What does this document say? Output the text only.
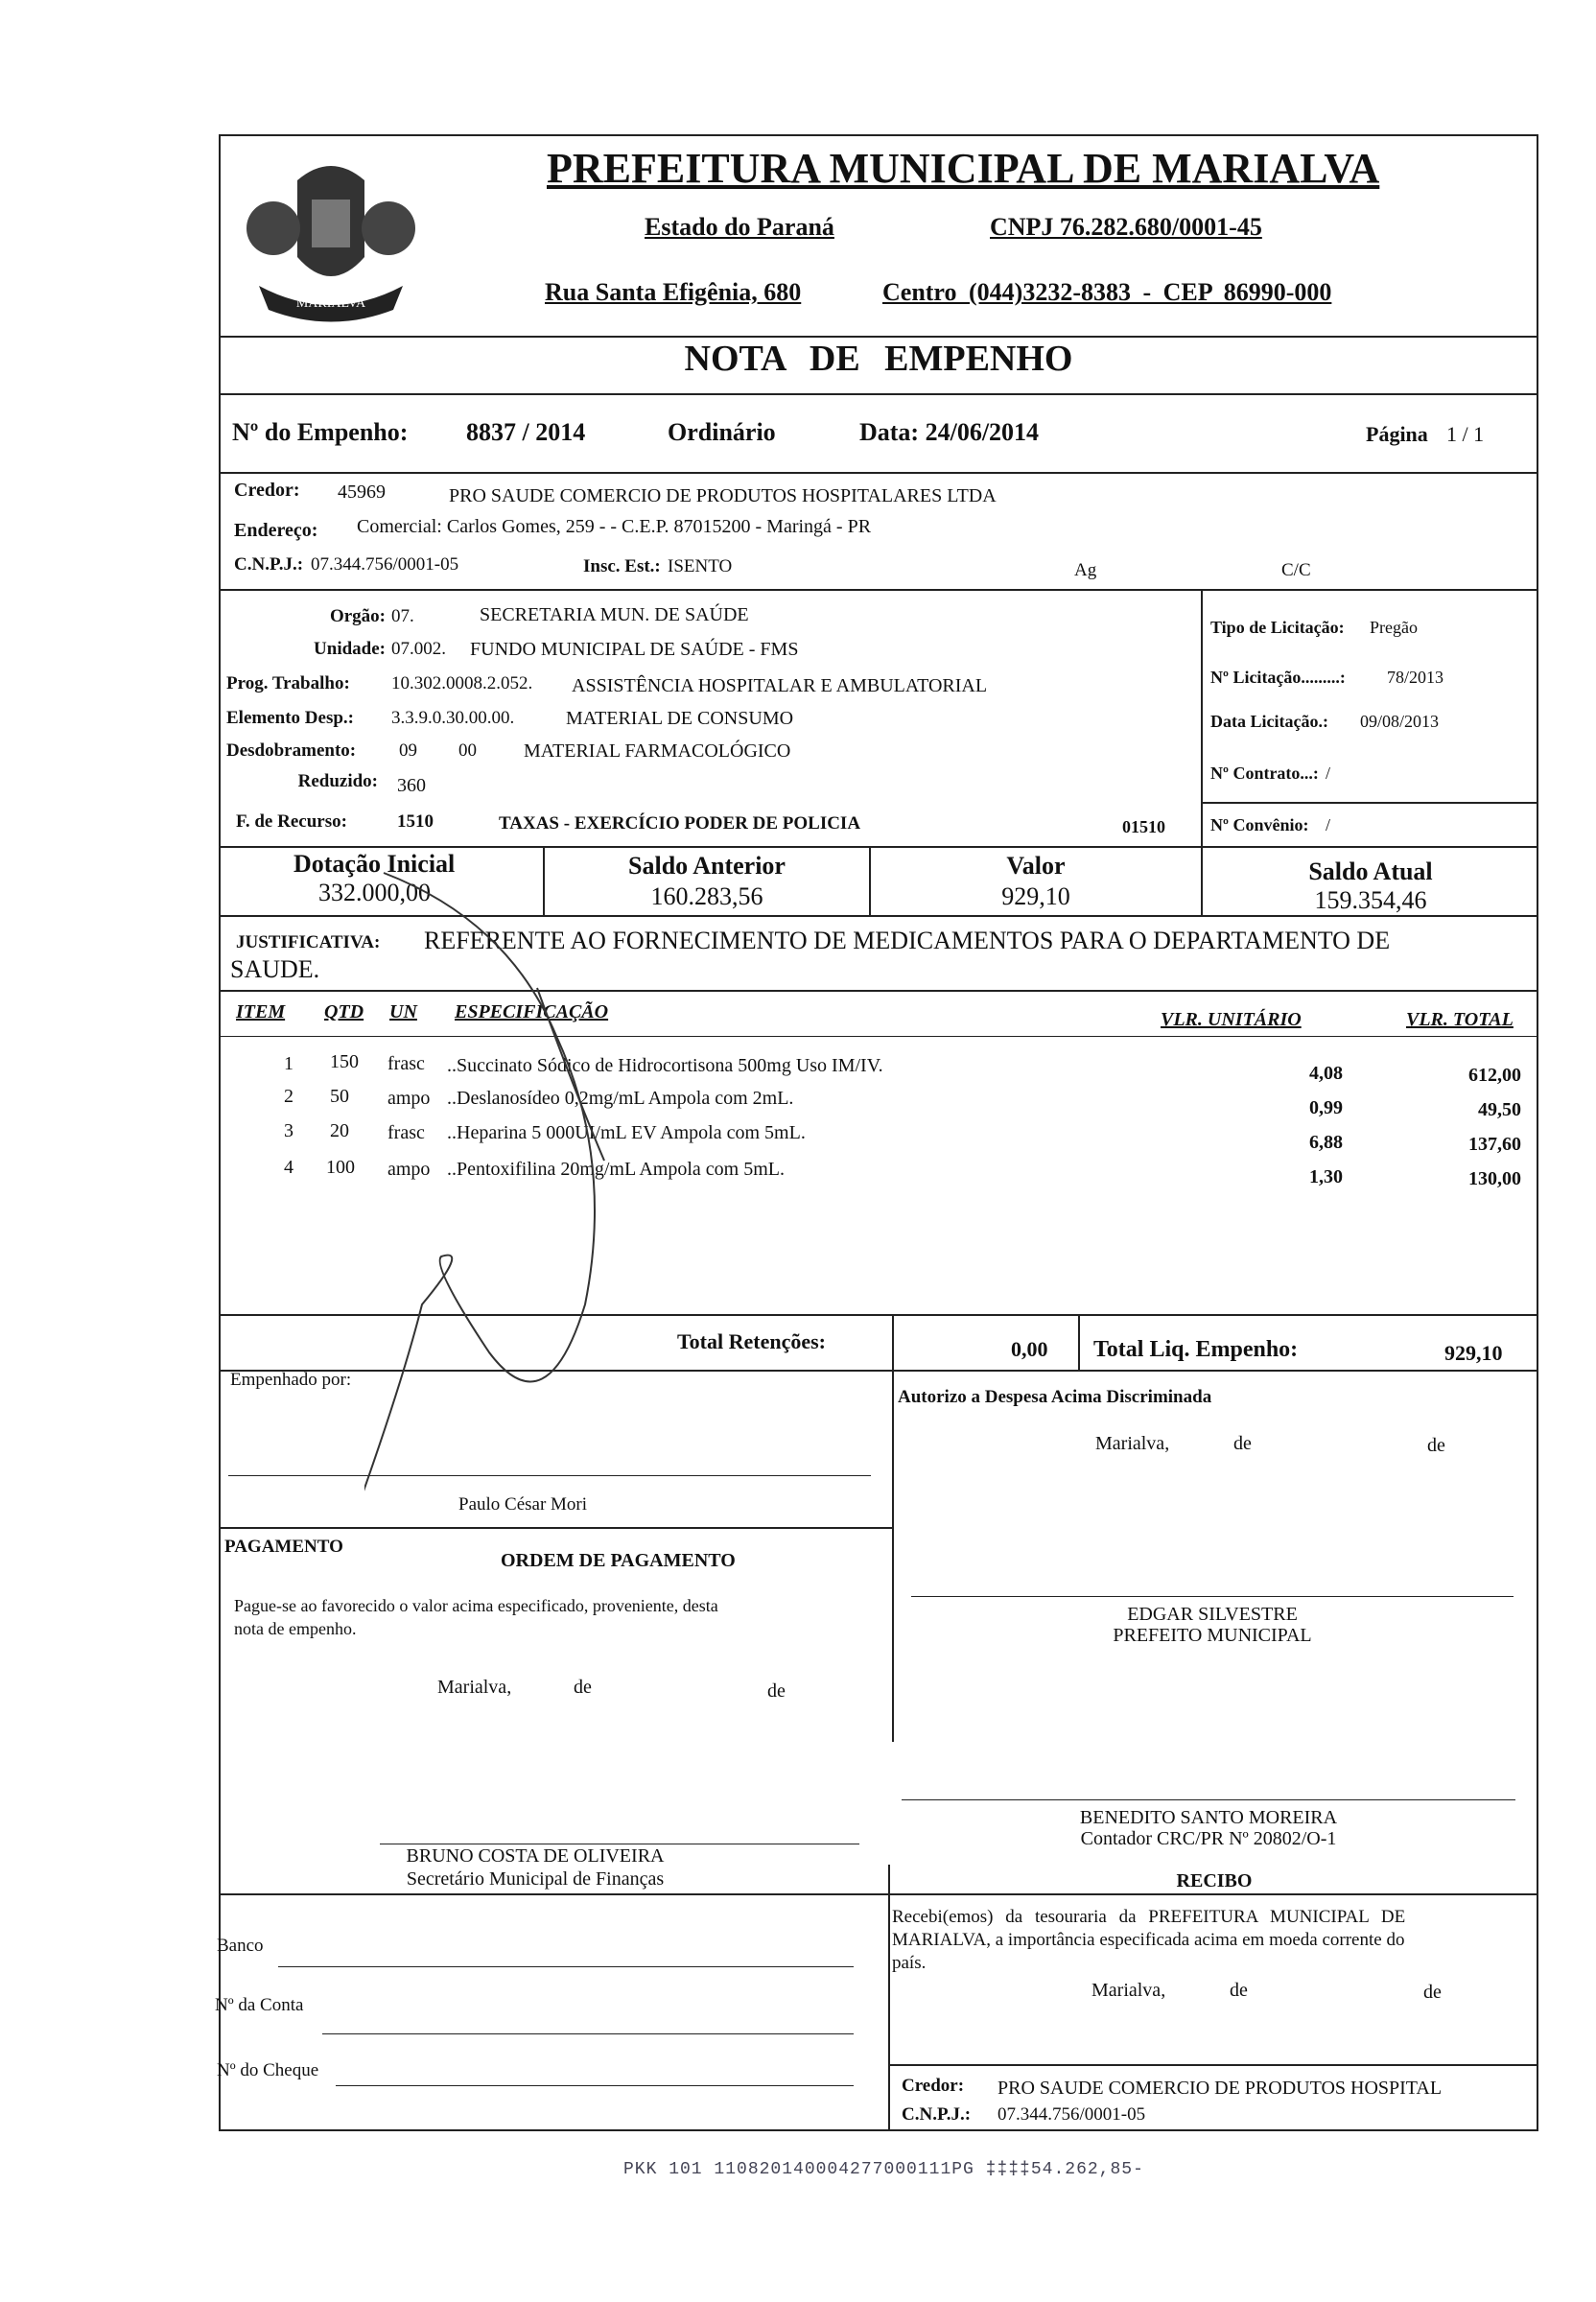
MARIALVA
PREFEITURA MUNICIPAL DE MARIALVA
Estado do Paraná	CNPJ 76.282.680/0001-45
Rua Santa Efigênia, 680	Centro (044)3232-8383 - CEP 86990-000
NOTA DE EMPENHO
Nº do Empenho: 8837 / 2014	Ordinário	Data: 24/06/2014	Página 1 / 1
Credor: 45969	PRO SAUDE COMERCIO DE PRODUTOS HOSPITALARES LTDA
Endereço: Comercial: Carlos Gomes, 259 - - C.E.P. 87015200 - Maringá - PR
C.N.P.J.: 07.344.756/0001-05	Insc. Est.: ISENTO	Ag	C/C
Orgão: 07.	SECRETARIA MUN. DE SAÚDE
Unidade: 07.002. FUNDO MUNICIPAL DE SAÚDE - FMS
Prog. Trabalho: 10.302.0008.2.052. ASSISTÊNCIA HOSPITALAR E AMBULATORIAL
Elemento Desp.: 3.3.9.0.30.00.00.	MATERIAL DE CONSUMO
Desdobramento: 09 00 MATERIAL FARMACOLÓGICO
Reduzido: 360
F. de Recurso:	1510	TAXAS - EXERCÍCIO PODER DE POLICIA	01510
Tipo de Licitação: Pregão
Nº Licitação.........: 78/2013
Data Licitação.: 09/08/2013
Nº Contrato...: /
Nº Convênio: /
Dotação Inicial
332.000,00
Saldo Anterior
160.283,56
Valor
929,10
Saldo Atual
159.354,46
JUSTIFICATIVA: REFERENTE AO FORNECIMENTO DE MEDICAMENTOS PARA O DEPARTAMENTO DE
SAUDE.
ITEM QTD UN ESPECIFICAÇÃO	VLR. UNITÁRIO	VLR. TOTAL
1 150 frasc ..Succinato Sódico de Hidrocortisona 500mg Uso IM/IV.	4,08	612,00
2 50 ampo ..Deslanosídeo 0,2mg/mL Ampola com 2mL.	0,99	49,50
3 20 frasc ..Heparina 5 000UI/mL EV Ampola com 5mL.	6,88	137,60
4 100 ampo ..Pentoxifilina 20mg/mL Ampola com 5mL.	1,30	130,00
Total Retenções:	0,00 Total Liq. Empenho:	929,10
Empenhado por:
Paulo César Mori
Autorizo a Despesa Acima Discriminada
Marialva,	de	de
EDGAR SILVESTRE
PREFEITO MUNICIPAL
PAGAMENTO
ORDEM DE PAGAMENTO
Pague-se ao favorecido o valor acima especificado, proveniente, desta
nota de empenho.
Marialva,	de	de
BENEDITO SANTO MOREIRA
Contador CRC/PR Nº 20802/O-1
BRUNO COSTA DE OLIVEIRA
Secretário Municipal de Finanças	RECIBO
Recebi(emos) da tesouraria da PREFEITURA MUNICIPAL DE
MARIALVA, a importância especificada acima em moeda corrente do
país.
Marialva,	de	de
Credor: PRO SAUDE COMERCIO DE PRODUTOS HOSPITAL
C.N.P.J.: 07.344.756/0001-05
Banco
Nº da Conta
Nº do Cheque
PKK 101 110820140004277000111PG ‡‡‡‡54.262,85-
